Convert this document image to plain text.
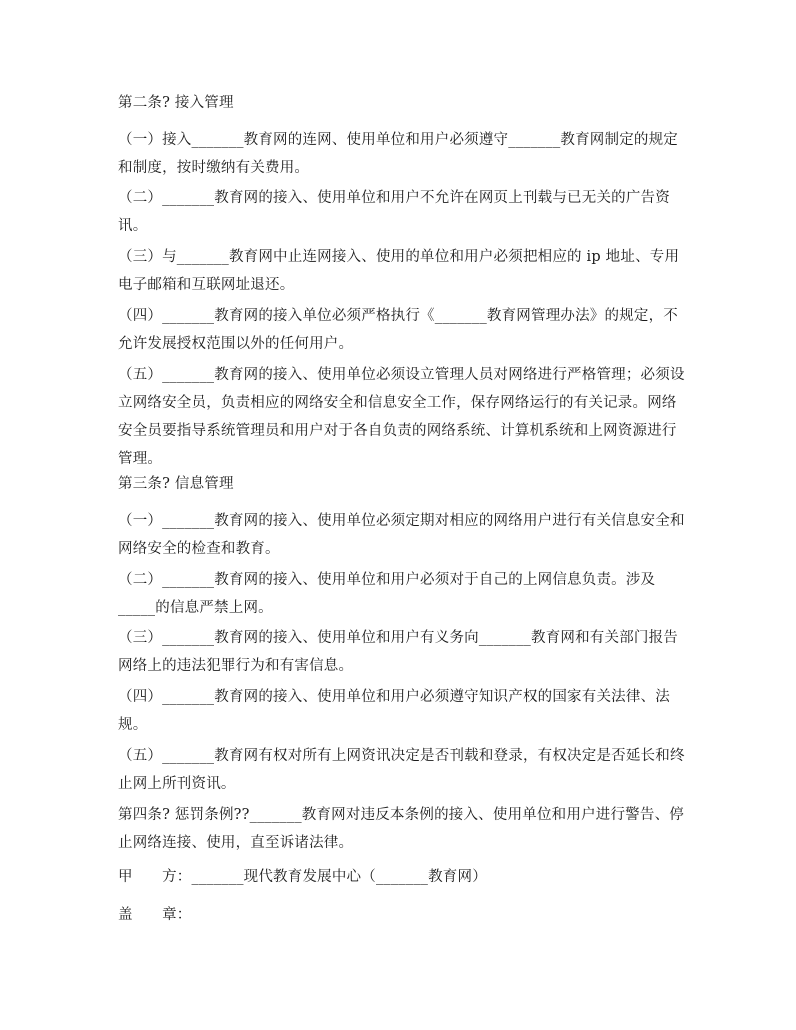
第二条? 接入管理

（一）接入_______教育网的连网、使用单位和用户必须遵守_______教育网制定的规定和制度，按时缴纳有关费用。

（二）_______教育网的接入、使用单位和用户不允许在网页上刊载与已无关的广告资讯。

（三）与_______教育网中止连网接入、使用的单位和用户必须把相应的 ip 地址、专用电子邮箱和互联网址退还。

（四）_______教育网的接入单位必须严格执行《_______教育网管理办法》的规定，不允许发展授权范围以外的任何用户。

（五）_______教育网的接入、使用单位必须设立管理人员对网络进行严格管理；必须设立网络安全员，负责相应的网络安全和信息安全工作，保存网络运行的有关记录。网络安全员要指导系统管理员和用户对于各自负责的网络系统、计算机系统和上网资源进行管理。

第三条? 信息管理

（一）_______教育网的接入、使用单位必须定期对相应的网络用户进行有关信息安全和网络安全的检查和教育。

（二）_______教育网的接入、使用单位和用户必须对于自己的上网信息负责。涉及_____的信息严禁上网。

（三）_______教育网的接入、使用单位和用户有义务向_______教育网和有关部门报告网络上的违法犯罪行为和有害信息。

（四）_______教育网的接入、使用单位和用户必须遵守知识产权的国家有关法律、法规。

（五）_______教育网有权对所有上网资讯决定是否刊载和登录，有权决定是否延长和终止网上所刊资讯。

第四条? 惩罚条例??_______教育网对违反本条例的接入、使用单位和用户进行警告、停止网络连接、使用，直至诉诸法律。

甲　　方：_______现代教育发展中心（_______教育网）

盖　　章：
